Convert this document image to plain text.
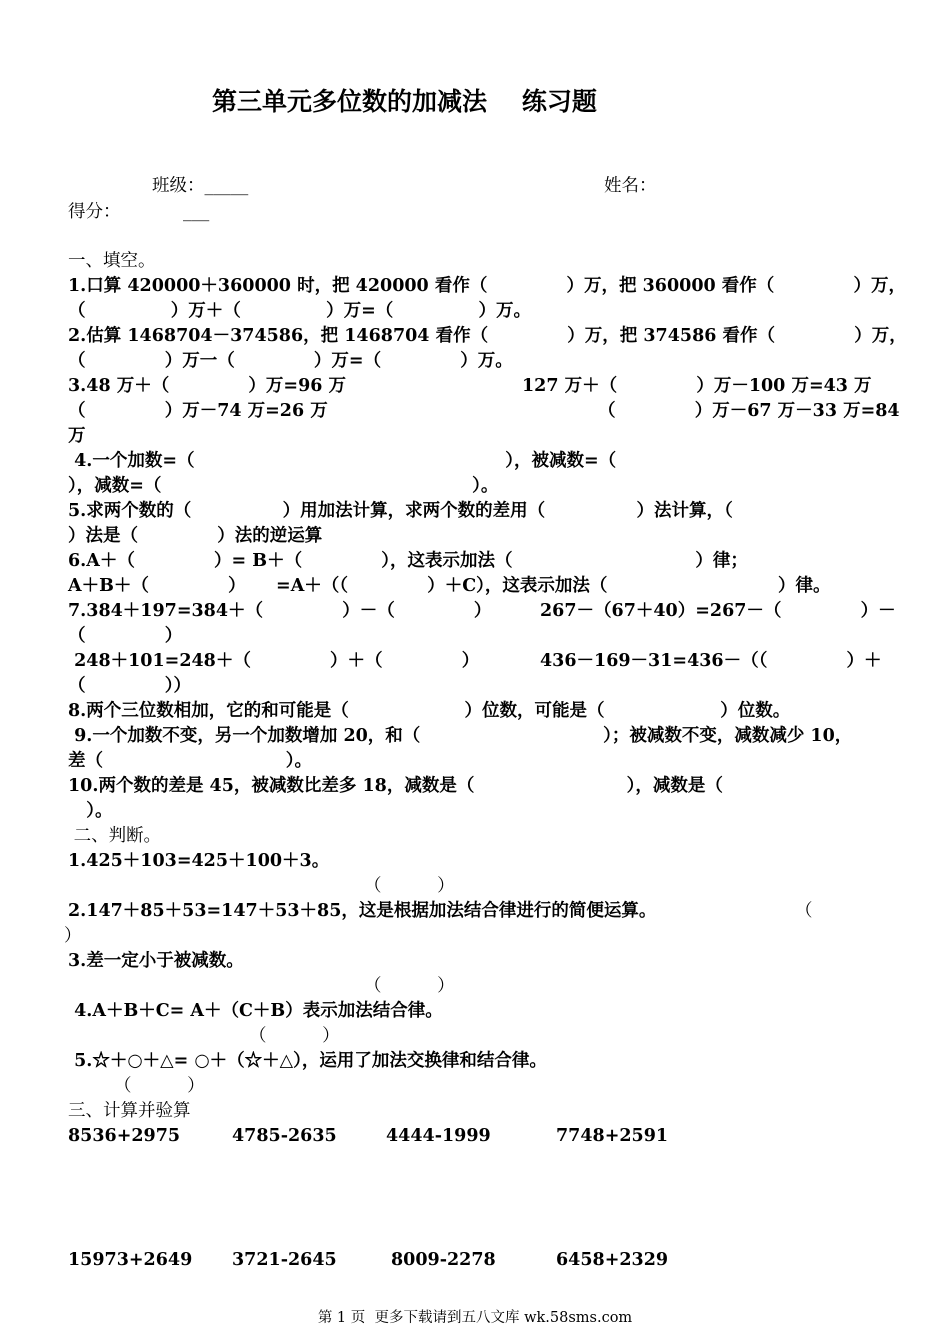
第三单元多位数的加减法    练习题
班级：_____	姓名：
得分：	___
一、填空。
1.口算 420000＋360000 时，把 420000 看作（             ）万，把 360000 看作（             ）万，
（              ）万＋（              ）万=（              ）万。
2.估算 1468704－374586，把 1468704 看作（             ）万，把 374586 看作（             ）万，
（             ）万一（             ）万=（             ）万。
3.48 万＋（             ）万=96 万	127 万＋（             ）万－100 万=43 万
（             ）万－74 万=26 万	（             ）万－67 万－33 万=84
万
4.一个加数=（                                                   ），被减数=（
），减数=（                                                   ）。
5.求两个数的（               ）用加法计算，求两个数的差用（               ）法计算，（
）法是（             ）法的逆运算
6.A＋（             ）= B＋（             ），这表示加法（                              ）律；
A＋B＋（             ）     =A＋（（             ）＋C），这表示加法（                            ）律。
7.384＋197=384＋（             ）－（             ）	267－（67＋40）=267－（             ）－
（             ）
248＋101=248＋（             ）＋（             ）	436－169－31=436－（（             ）＋
（             ））
8.两个三位数相加，它的和可能是（                   ）位数，可能是（                   ）位数。
9.一个加数不变，另一个加数增加 20，和（                              ）；被减数不变，减数减少 10，
差（                              ）。
10.两个数的差是 45，被减数比差多 18，减数是（                         ），减数是（
）。
二、判断。
1.425＋103=425＋100＋3。
（	）
2.147＋85＋53=147＋53＋85，这是根据加法结合律进行的简便运算。	（
）
3.差一定小于被减数。
（	）
4.A＋B＋C= A＋（C＋B）表示加法结合律。
（	）
5.☆＋○＋△= ○＋（☆＋△），运用了加法交换律和结合律。
（	）
三、计算并验算
8536+2975	4785-2635	4444-1999	7748+2591
15973+2649 3721-2645	8009-2278	6458+2329
第 1 页  更多下载请到五八文库 wk.58sms.com
